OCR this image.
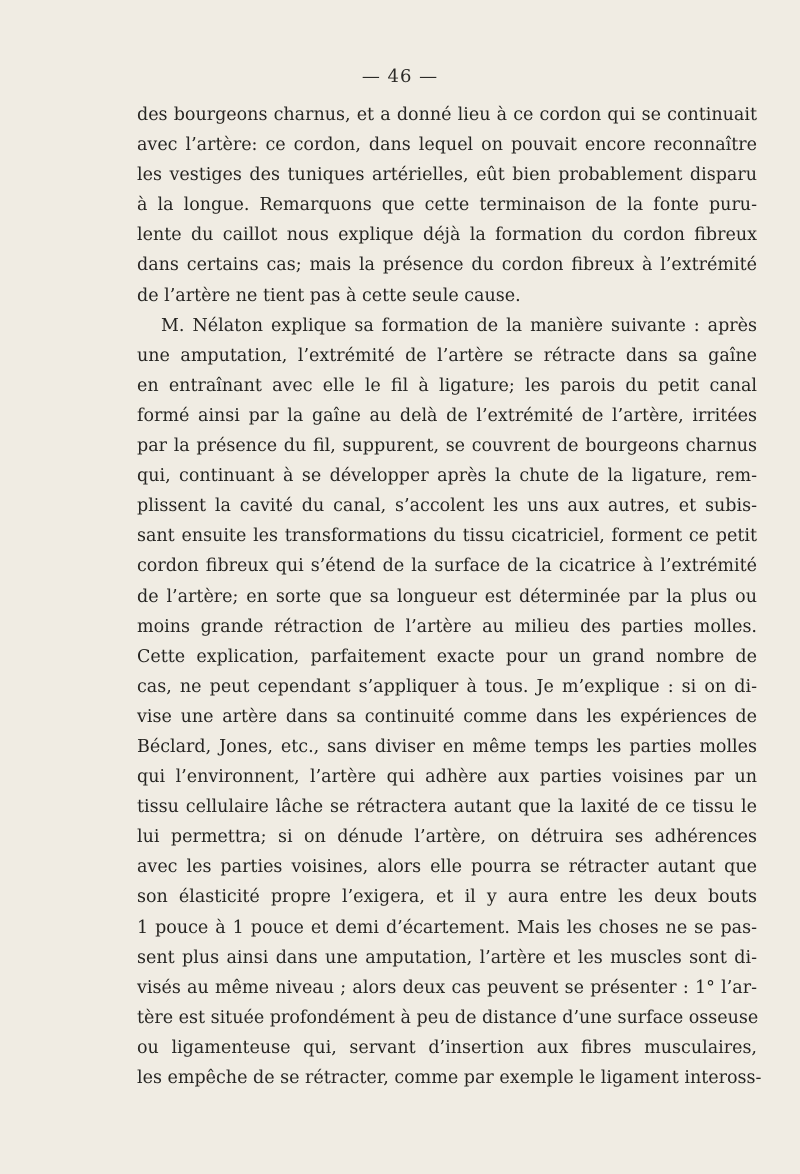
— 46 —
des bourgeons charnus, et a donné lieu à ce cordon qui se continuait
avec l’artère: ce cordon, dans lequel on pouvait encore reconnaître
les vestiges des tuniques artérielles, eût bien probablement disparu
à la longue. Remarquons que cette terminaison de la fonte puru-
lente du caillot nous explique déjà la formation du cordon fibreux
dans certains cas; mais la présence du cordon fibreux à l’extrémité
de l’artère ne tient pas à cette seule cause.
M. Nélaton explique sa formation de la manière suivante : après
une amputation, l’extrémité de l’artère se rétracte dans sa gaîne
en entraînant avec elle le fil à ligature; les parois du petit canal
formé ainsi par la gaîne au delà de l’extrémité de l’artère, irritées
par la présence du fil, suppurent, se couvrent de bourgeons charnus
qui, continuant à se développer après la chute de la ligature, rem-
plissent la cavité du canal, s’accolent les uns aux autres, et subis-
sant ensuite les transformations du tissu cicatriciel, forment ce petit
cordon fibreux qui s’étend de la surface de la cicatrice à l’extrémité
de l’artère; en sorte que sa longueur est déterminée par la plus ou
moins grande rétraction de l’artère au milieu des parties molles.
Cette explication, parfaitement exacte pour un grand nombre de
cas, ne peut cependant s’appliquer à tous. Je m’explique : si on di-
vise une artère dans sa continuité comme dans les expériences de
Béclard, Jones, etc., sans diviser en même temps les parties molles
qui l’environnent, l’artère qui adhère aux parties voisines par un
tissu cellulaire lâche se rétractera autant que la laxité de ce tissu le
lui permettra; si on dénude l’artère, on détruira ses adhérences
avec les parties voisines, alors elle pourra se rétracter autant que
son élasticité propre l’exigera, et il y aura entre les deux bouts
1 pouce à 1 pouce et demi d’écartement. Mais les choses ne se pas-
sent plus ainsi dans une amputation, l’artère et les muscles sont di-
visés au même niveau ; alors deux cas peuvent se présenter : 1° l’ar-
tère est située profondément à peu de distance d’une surface osseuse
ou ligamenteuse qui, servant d’insertion aux fibres musculaires,
les empêche de se rétracter, comme par exemple le ligament inteross-
